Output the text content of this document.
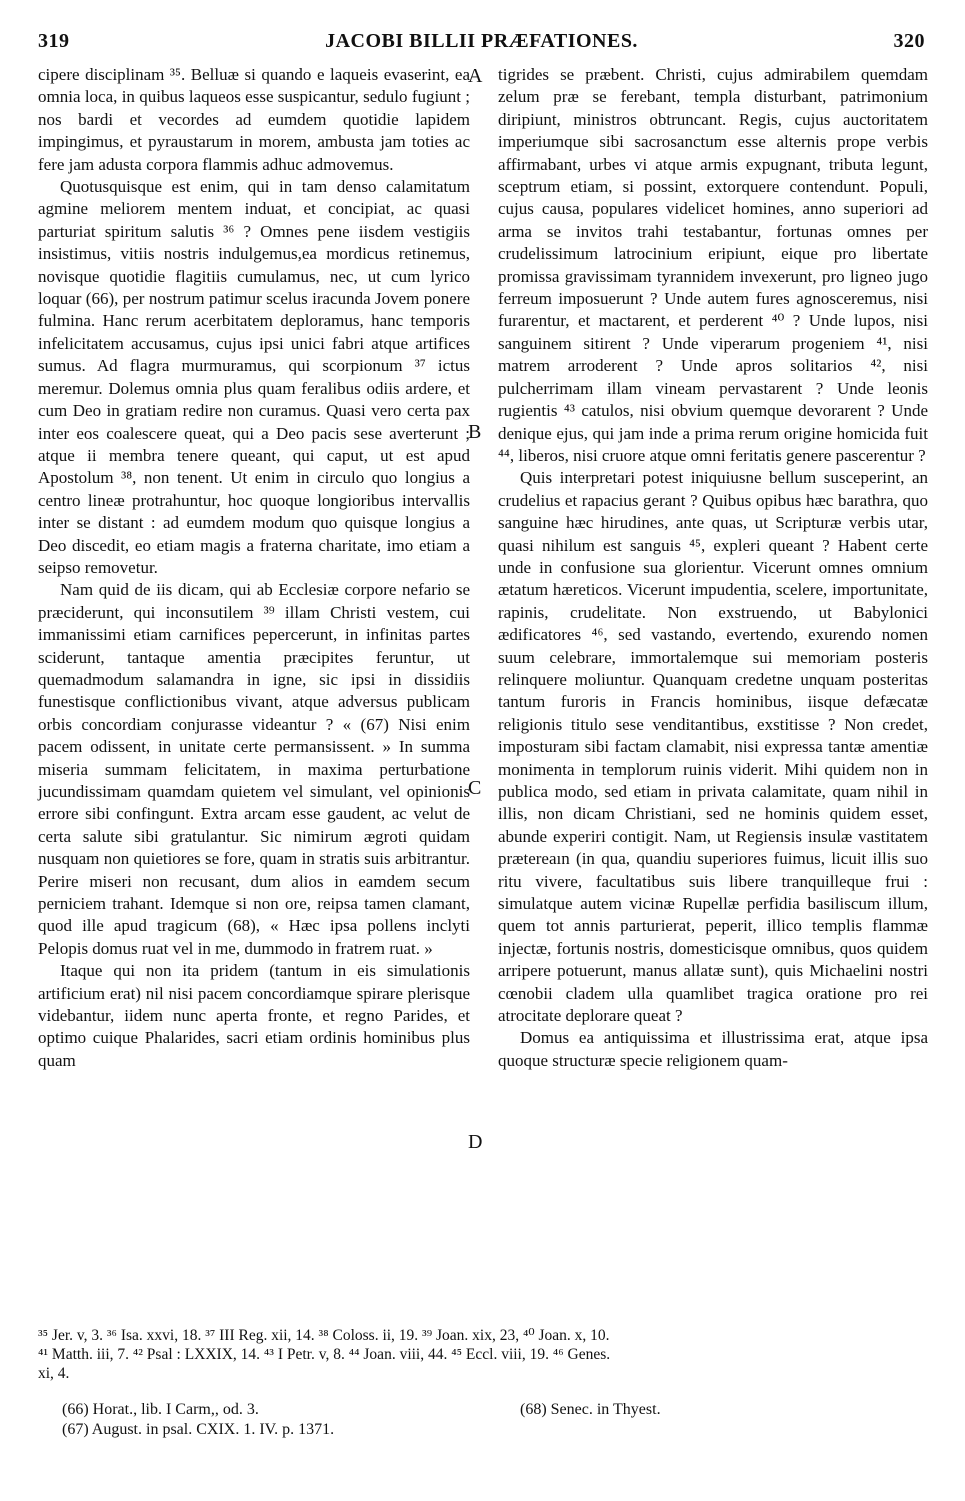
319	JACOBI BILLII PRÆFATIONES.	320

cipere disciplinam ³⁵. Belluæ si quando e laqueis evaserint, ea omnia loca, in quibus laqueos esse suspicantur, sedulo fugiunt ; nos bardi et vecordes ad eumdem quotidie lapidem impingimus, et pyraustarum in morem, ambusta jam toties ac fere jam adusta corpora flammis adhuc admovemus.

Quotusquisque est enim, qui in tam denso calamitatum agmine meliorem mentem induat, et concipiat, ac quasi parturiat spiritum salutis ³⁶ ? Omnes pene iisdem vestigiis insistimus, vitiis nostris indulgemus,ea mordicus retinemus, novisque quotidie flagitiis cumulamus, nec, ut cum lyrico loquar (66), per nostrum patimur scelus iracunda Jovem ponere fulmina. Hanc rerum acerbitatem deploramus, hanc temporis infelicitatem accusamus, cujus ipsi unici fabri atque artifices sumus. Ad flagra murmuramus, qui scorpionum ³⁷ ictus meremur. Dolemus omnia plus quam feralibus odiis ardere, et cum Deo in gratiam redire non curamus. Quasi vero certa pax inter eos coalescere queat, qui a Deo pacis sese averterunt ; atque ii membra tenere queant, qui caput, ut est apud Apostolum ³⁸, non tenent. Ut enim in circulo quo longius a centro lineæ protrahuntur, hoc quoque longioribus intervallis inter se distant : ad eumdem modum quo quisque longius a Deo discedit, eo etiam magis a fraterna charitate, imo etiam a seipso removetur.

Nam quid de iis dicam, qui ab Ecclesiæ corpore nefario se præciderunt, qui inconsutilem ³⁹ illam Christi vestem, cui immanissimi etiam carnifices pepercerunt, in infinitas partes sciderunt, tantaque amentia præcipites feruntur, ut quemadmodum salamandra in igne, sic ipsi in dissidiis funestisque conflictionibus vivant, atque adversus publicam orbis concordiam conjurasse videantur ? « (67) Nisi enim pacem odissent, in unitate certe permansissent. » In summa miseria summam felicitatem, in maxima perturbatione jucundissimam quamdam quietem vel simulant, vel opinionis errore sibi confingunt. Extra arcam esse gaudent, ac velut de certa salute sibi gratulantur. Sic nimirum ægroti quidam nusquam non quietiores se fore, quam in stratis suis arbitrantur. Perire miseri non recusant, dum alios in eamdem secum perniciem trahant. Idemque si non ore, reipsa tamen clamant, quod ille apud tragicum (68), « Hæc ipsa pollens inclyti Pelopis domus ruat vel in me, dummodo in fratrem ruat. »

Itaque qui non ita pridem (tantum in eis simulationis artificium erat) nil nisi pacem concordiamque spirare plerisque videbantur, iidem nunc aperta fronte, et regno Parides, et optimo cuique Phalarides, sacri etiam ordinis hominibus plus quam

A
B
C
D

tigrides se præbent. Christi, cujus admirabilem quemdam zelum præ se ferebant, templa disturbant, patrimonium diripiunt, ministros obtruncant. Regis, cujus auctoritatem imperiumque sibi sacrosanctum esse alternis prope verbis affirmabant, urbes vi atque armis expugnant, tributa legunt, sceptrum etiam, si possint, extorquere contendunt. Populi, cujus causa, populares videlicet homines, anno superiori ad arma se invitos trahi testabantur, fortunas omnes per crudelissimum latrocinium eripiunt, eique pro libertate promissa gravissimam tyrannidem invexerunt, pro ligneo jugo ferreum imposuerunt ? Unde autem fures agnosceremus, nisi furarentur, et mactarent, et perderent ⁴⁰ ? Unde lupos, nisi sanguinem sitirent ? Unde viperarum progeniem ⁴¹, nisi matrem arroderent ? Unde apros solitarios ⁴², nisi pulcherrimam illam vineam pervastarent ? Unde leonis rugientis ⁴³ catulos, nisi obvium quemque devorarent ? Unde denique ejus, qui jam inde a prima rerum origine homicida fuit ⁴⁴, liberos, nisi cruore atque omni feritatis genere pascerentur ?

Quis interpretari potest iniquiusne bellum susceperint, an crudelius et rapacius gerant ? Quibus opibus hæc barathra, quo sanguine hæc hirudines, ante quas, ut Scripturæ verbis utar, quasi nihilum est sanguis ⁴⁵, expleri queant ? Habent certe unde in confusione sua glorientur. Vicerunt omnes omnium ætatum hæreticos. Vicerunt impudentia, scelere, importunitate, rapinis, crudelitate. Non exstruendo, ut Babylonici ædificatores ⁴⁶, sed vastando, evertendo, exurendo nomen suum celebrare, immortalemque sui memoriam posteris relinquere moliuntur. Quanquam credetne unquam posteritas tantum furoris in Francis hominibus, iisque defæcatæ religionis titulo sese venditantibus, exstitisse ? Non credet, imposturam sibi factam clamabit, nisi expressa tantæ amentiæ monimenta in templorum ruinis viderit. Mihi quidem non in publica modo, sed etiam in privata calamitate, quam nihil in illis, non dicam Christiani, sed ne hominis quidem esset, abunde experiri contigit. Nam, ut Regiensis insulæ vastitatem prætereaın (in qua, quandiu superiores fuimus, licuit illis suo ritu vivere, facultatibus suis libere tranquilleque frui : simulatque autem vicinæ Rupellæ perfidia basiliscum illum, quem tot annis parturierat, peperit, illico templis flammæ injectæ, fortunis nostris, domesticisque omnibus, quos quidem arripere potuerunt, manus allatæ sunt), quis Michaelini nostri cœnobii cladem ulla quamlibet tragica oratione pro rei atrocitate deplorare queat ?

Domus ea antiquissima et illustrissima erat, atque ipsa quoque structuræ specie religionem quam-

³⁵ Jer. v, 3. ³⁶ Isa. xxvi, 18. ³⁷ III Reg. xii, 14. ³⁸ Coloss. ii, 19. ³⁹ Joan. xix, 23, ⁴⁰ Joan. x, 10.
⁴¹ Matth. iii, 7. ⁴² Psal : LXXIX, 14. ⁴³ I Petr. v, 8. ⁴⁴ Joan. viii, 44. ⁴⁵ Eccl. viii, 19. ⁴⁶ Genes.
xi, 4.
(66) Horat., lib. I Carm,, od. 3.
(67) August. in psal. CXIX. 1. IV. p. 1371.
(68) Senec. in Thyest.
